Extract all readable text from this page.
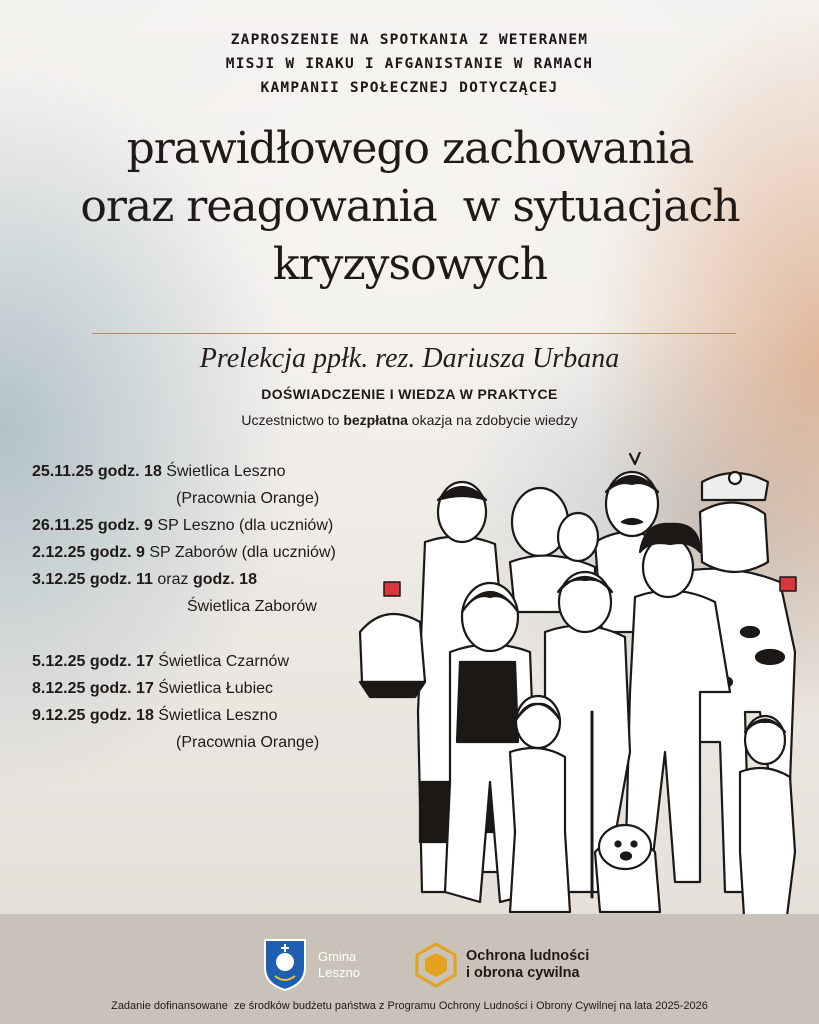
ZAPROSZENIE NA SPOTKANIA Z WETERANEM
MISJI W IRAKU I AFGANISTANIE W RAMACH
KAMPANII SPOŁECZNEJ DOTYCZĄCEJ
prawidłowego zachowania
oraz reagowania  w sytuacjach
kryzysowych
Prelekcja ppłk. rez. Dariusza Urbana
DOŚWIADCZENIE I WIEDZA W PRAKTYCE
Uczestnictwo to bezpłatna okazja na zdobycie wiedzy
25.11.25 godz. 18 Świetlica Leszno
(Pracownia Orange)
26.11.25 godz. 9 SP Leszno (dla uczniów)
2.12.25 godz. 9 SP Zaborów (dla uczniów)
3.12.25 godz. 11 oraz godz. 18
Świetlica Zaborów
5.12.25 godz. 17 Świetlica Czarnów
8.12.25 godz. 17 Świetlica Łubiec
9.12.25 godz. 18 Świetlica Leszno
(Pracownia Orange)
Gmina
Leszno
Ochrona ludności
i obrona cywilna
Zadanie dofinansowane  ze środków budżetu państwa z Programu Ochrony Ludności i Obrony Cywilnej na lata 2025-2026
